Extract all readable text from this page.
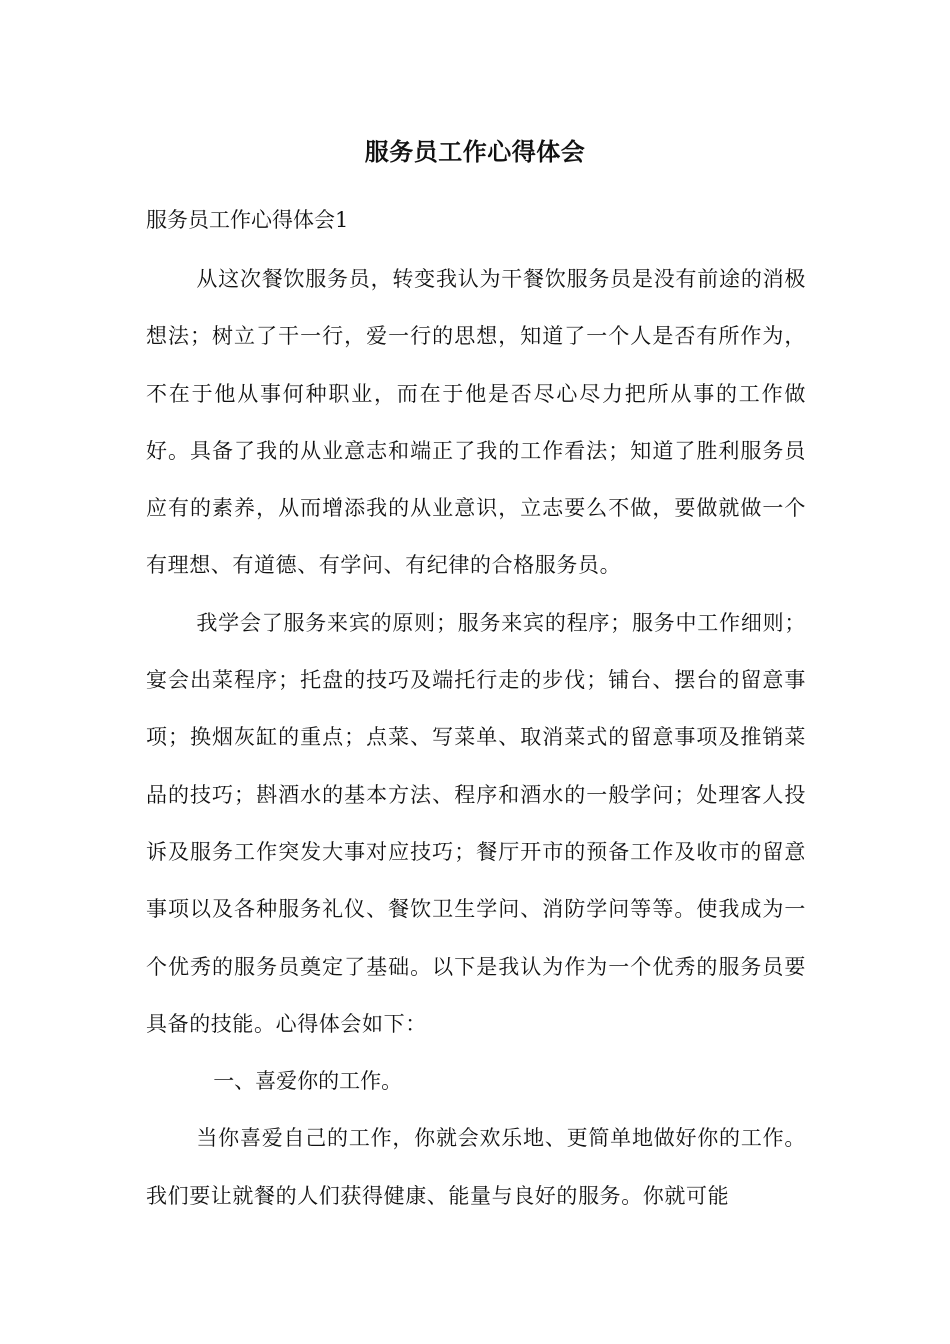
服务员工作心得体会

服务员工作心得体会1

从这次餐饮服务员，转变我认为干餐饮服务员是没有前途的消极想法；树立了干一行，爱一行的思想，知道了一个人是否有所作为，不在于他从事何种职业，而在于他是否尽心尽力把所从事的工作做好。具备了我的从业意志和端正了我的工作看法；知道了胜利服务员应有的素养，从而增添我的从业意识，立志要么不做，要做就做一个有理想、有道德、有学问、有纪律的合格服务员。

我学会了服务来宾的原则；服务来宾的程序；服务中工作细则；宴会出菜程序；托盘的技巧及端托行走的步伐；铺台、摆台的留意事项；换烟灰缸的重点；点菜、写菜单、取消菜式的留意事项及推销菜品的技巧；斟酒水的基本方法、程序和酒水的一般学问；处理客人投诉及服务工作突发大事对应技巧；餐厅开市的预备工作及收市的留意事项以及各种服务礼仪、餐饮卫生学问、消防学问等等。使我成为一个优秀的服务员奠定了基础。以下是我认为作为一个优秀的服务员要具备的技能。心得体会如下：

一、喜爱你的工作。

当你喜爱自己的工作，你就会欢乐地、更简单地做好你的工作。我们要让就餐的人们获得健康、能量与良好的服务。你就可能
